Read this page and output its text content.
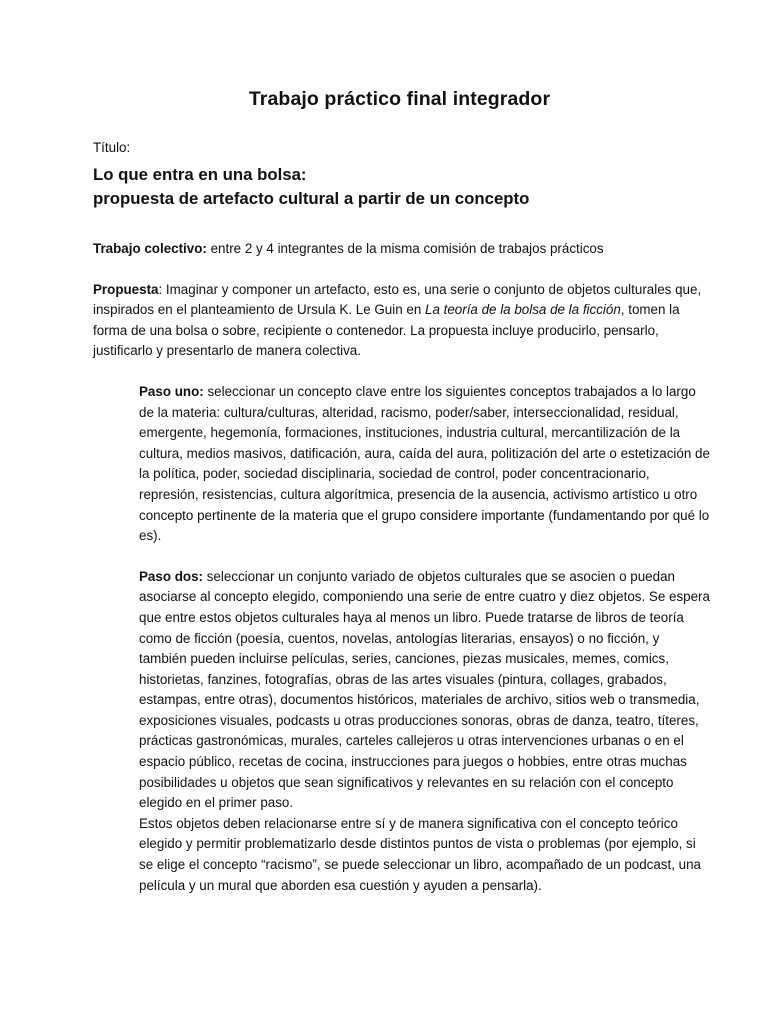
Trabajo práctico final integrador

Título:

Lo que entra en una bolsa:

propuesta de artefacto cultural a partir de un concepto

Trabajo colectivo: entre 2 y 4 integrantes de la misma comisión de trabajos prácticos

Propuesta: Imaginar y componer un artefacto, esto es, una serie o conjunto de objetos culturales que, inspirados en el planteamiento de Ursula K. Le Guin en La teoría de la bolsa de la ficción, tomen la forma de una bolsa o sobre, recipiente o contenedor. La propuesta incluye producirlo, pensarlo, justificarlo y presentarlo de manera colectiva.

Paso uno: seleccionar un concepto clave entre los siguientes conceptos trabajados a lo largo de la materia: cultura/culturas, alteridad, racismo, poder/saber, interseccionalidad, residual, emergente, hegemonía, formaciones, instituciones, industria cultural, mercantilización de la cultura, medios masivos, datificación, aura, caída del aura, politización del arte o estetización de la política, poder, sociedad disciplinaria, sociedad de control, poder concentracionario, represión, resistencias, cultura algorítmica, presencia de la ausencia, activismo artístico u otro concepto pertinente de la materia que el grupo considere importante (fundamentando por qué lo es).

Paso dos: seleccionar un conjunto variado de objetos culturales que se asocien o puedan asociarse al concepto elegido, componiendo una serie de entre cuatro y diez objetos. Se espera que entre estos objetos culturales haya al menos un libro. Puede tratarse de libros de teoría como de ficción (poesía, cuentos, novelas, antologías literarias, ensayos) o no ficción, y también pueden incluirse películas, series, canciones, piezas musicales, memes, comics, historietas, fanzines, fotografías, obras de las artes visuales (pintura, collages, grabados, estampas, entre otras), documentos históricos, materiales de archivo, sitios web o transmedia, exposiciones visuales, podcasts u otras producciones sonoras, obras de danza, teatro, títeres, prácticas gastronómicas, murales, carteles callejeros u otras intervenciones urbanas o en el espacio público, recetas de cocina, instrucciones para juegos o hobbies, entre otras muchas posibilidades u objetos que sean significativos y relevantes en su relación con el concepto elegido en el primer paso.

Estos objetos deben relacionarse entre sí y de manera significativa con el concepto teórico elegido y permitir problematizarlo desde distintos puntos de vista o problemas (por ejemplo, si se elige el concepto “racismo”, se puede seleccionar un libro, acompañado de un podcast, una película y un mural que aborden esa cuestión y ayuden a pensarla).
